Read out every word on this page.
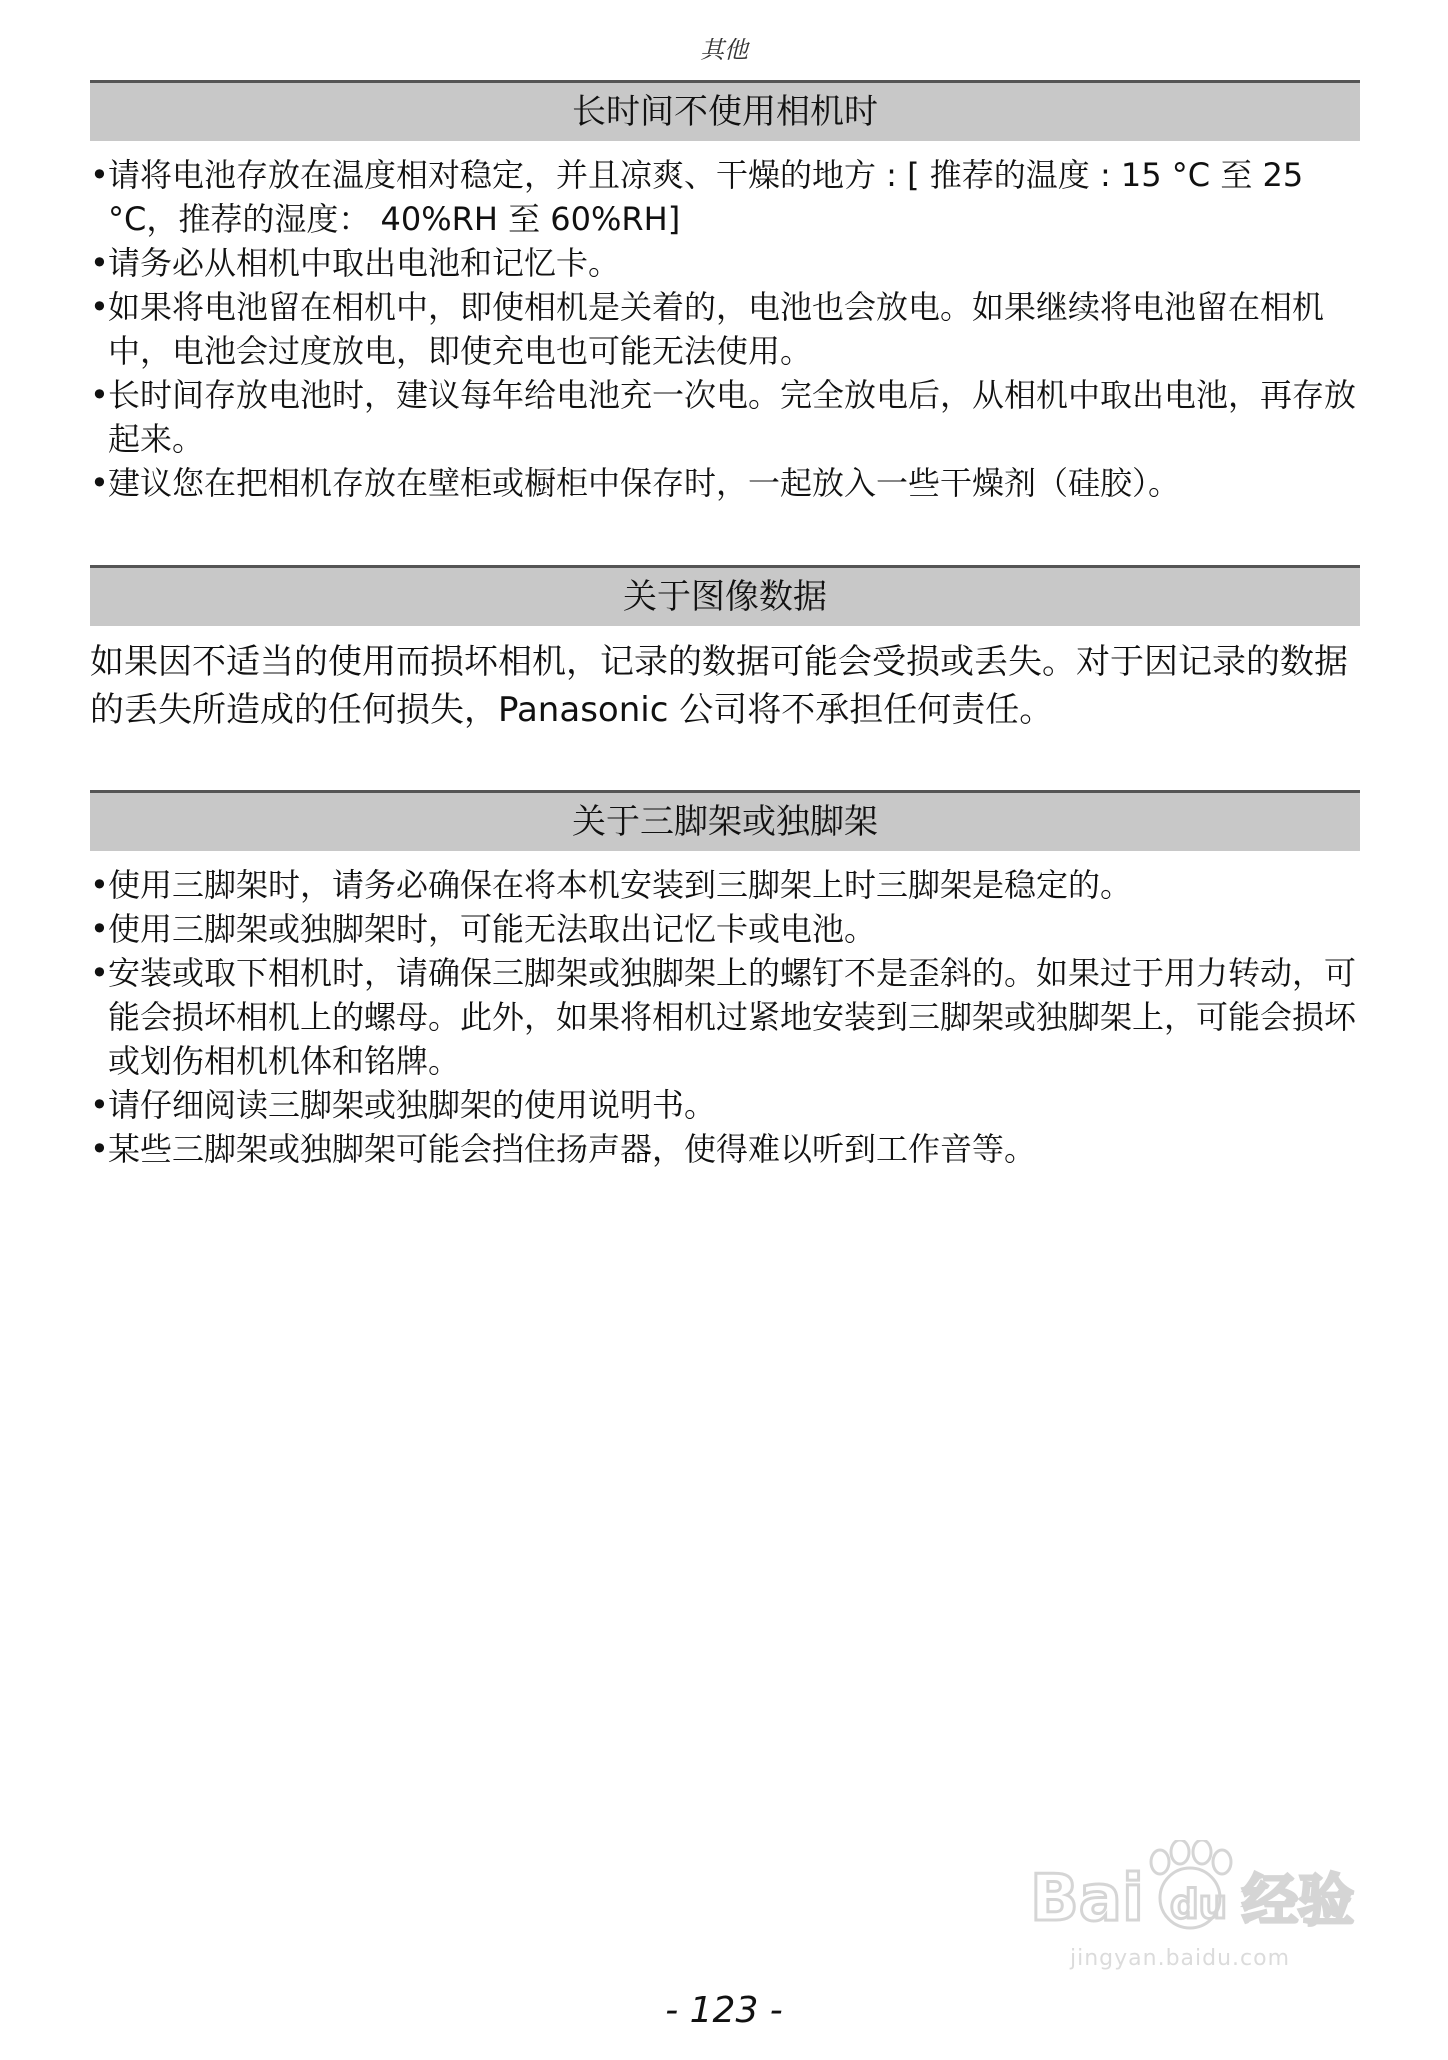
其他
长时间不使用相机时
• 请将电池存放在温度相对稳定，并且凉爽、干燥的地方 : [ 推荐的温度 : 15 °C 至 25 °C，推荐的湿度： 40%RH 至 60%RH]
• 请务必从相机中取出电池和记忆卡。
• 如果将电池留在相机中，即使相机是关着的，电池也会放电。如果继续将电池留在相机中，电池会过度放电，即使充电也可能无法使用。
• 长时间存放电池时，建议每年给电池充一次电。完全放电后，从相机中取出电池，再存放起来。
• 建议您在把相机存放在壁柜或橱柜中保存时，一起放入一些干燥剂（硅胶）。
关于图像数据

如果因不适当的使用而损坏相机，记录的数据可能会受损或丢失。对于因记录的数据的丢失所造成的任何损失，Panasonic 公司将不承担任何责任。

关于三脚架或独脚架
• 使用三脚架时，请务必确保在将本机安装到三脚架上时三脚架是稳定的。
• 使用三脚架或独脚架时，可能无法取出记忆卡或电池。
• 安装或取下相机时，请确保三脚架或独脚架上的螺钉不是歪斜的。如果过于用力转动，可能会损坏相机上的螺母。此外，如果将相机过紧地安装到三脚架或独脚架上，可能会损坏或划伤相机机体和铭牌。
• 请仔细阅读三脚架或独脚架的使用说明书。
• 某些三脚架或独脚架可能会挡住扬声器，使得难以听到工作音等。
Bai du 经验
jingyan.baidu.com
- 123 -
